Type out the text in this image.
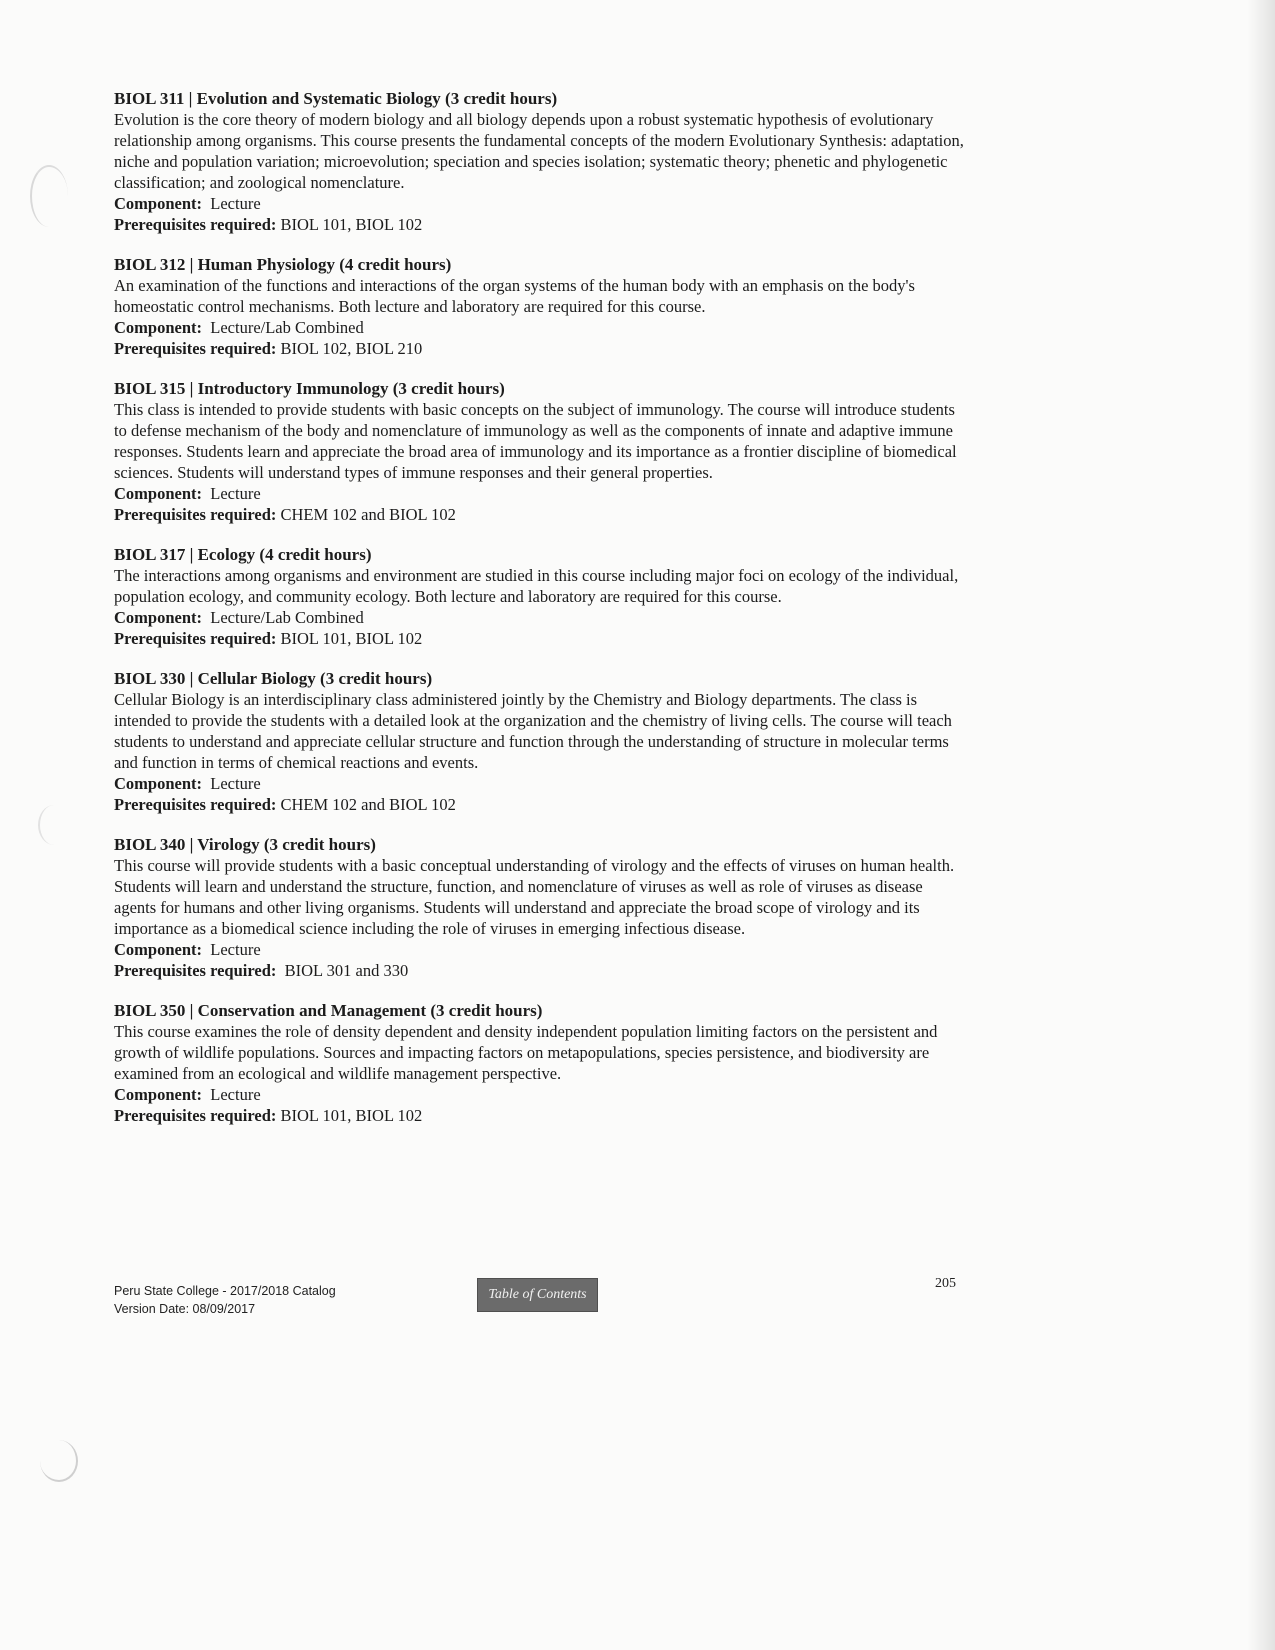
BIOL 311 | Evolution and Systematic Biology (3 credit hours)

Evolution is the core theory of modern biology and all biology depends upon a robust systematic hypothesis of evolutionary relationship among organisms. This course presents the fundamental concepts of the modern Evolutionary Synthesis: adaptation, niche and population variation; microevolution; speciation and species isolation; systematic theory; phenetic and phylogenetic classification; and zoological nomenclature.

Component: Lecture

Prerequisites required: BIOL 101, BIOL 102

BIOL 312 | Human Physiology (4 credit hours)

An examination of the functions and interactions of the organ systems of the human body with an emphasis on the body's homeostatic control mechanisms. Both lecture and laboratory are required for this course.

Component: Lecture/Lab Combined

Prerequisites required: BIOL 102, BIOL 210

BIOL 315 | Introductory Immunology (3 credit hours)

This class is intended to provide students with basic concepts on the subject of immunology. The course will introduce students to defense mechanism of the body and nomenclature of immunology as well as the components of innate and adaptive immune responses. Students learn and appreciate the broad area of immunology and its importance as a frontier discipline of biomedical sciences. Students will understand types of immune responses and their general properties.

Component: Lecture

Prerequisites required: CHEM 102 and BIOL 102

BIOL 317 | Ecology (4 credit hours)

The interactions among organisms and environment are studied in this course including major foci on ecology of the individual, population ecology, and community ecology. Both lecture and laboratory are required for this course.

Component: Lecture/Lab Combined

Prerequisites required: BIOL 101, BIOL 102

BIOL 330 | Cellular Biology (3 credit hours)

Cellular Biology is an interdisciplinary class administered jointly by the Chemistry and Biology departments. The class is intended to provide the students with a detailed look at the organization and the chemistry of living cells. The course will teach students to understand and appreciate cellular structure and function through the understanding of structure in molecular terms and function in terms of chemical reactions and events.

Component: Lecture

Prerequisites required: CHEM 102 and BIOL 102

BIOL 340 | Virology (3 credit hours)

This course will provide students with a basic conceptual understanding of virology and the effects of viruses on human health. Students will learn and understand the structure, function, and nomenclature of viruses as well as role of viruses as disease agents for humans and other living organisms. Students will understand and appreciate the broad scope of virology and its importance as a biomedical science including the role of viruses in emerging infectious disease.

Component: Lecture

Prerequisites required: BIOL 301 and 330

BIOL 350 | Conservation and Management (3 credit hours)

This course examines the role of density dependent and density independent population limiting factors on the persistent and growth of wildlife populations. Sources and impacting factors on metapopulations, species persistence, and biodiversity are examined from an ecological and wildlife management perspective.

Component: Lecture

Prerequisites required: BIOL 101, BIOL 102

Peru State College - 2017/2018 Catalog
Version Date: 08/09/2017
Table of Contents
205
